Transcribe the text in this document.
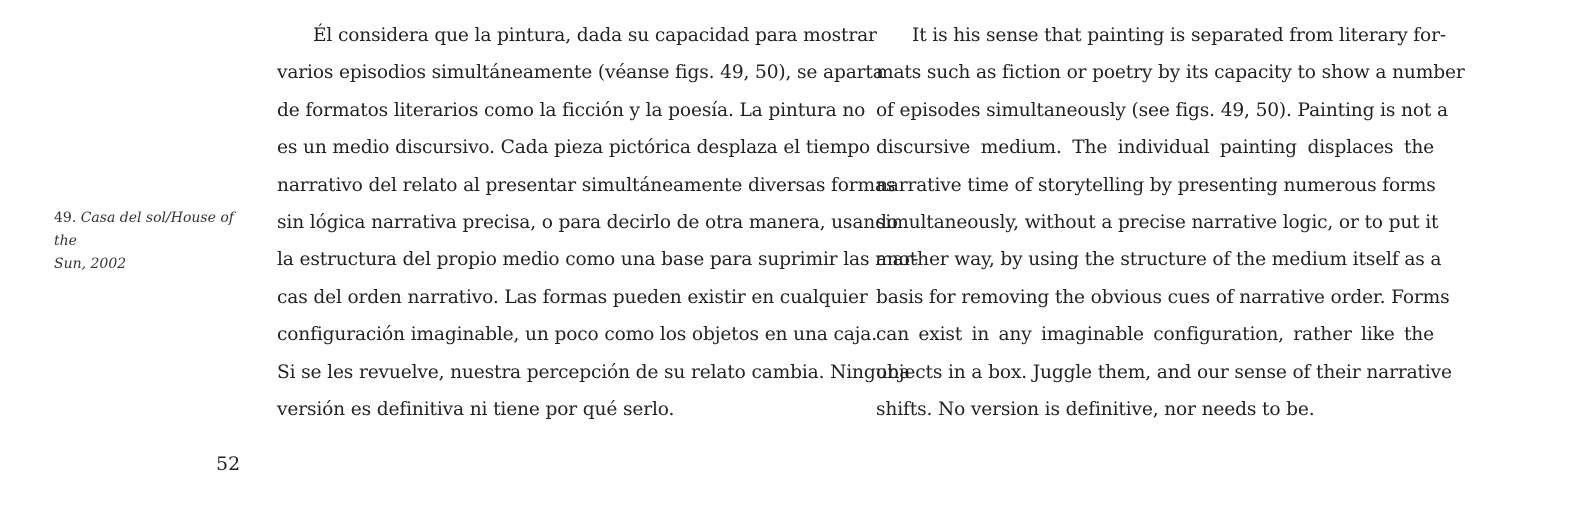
49. Casa del sol/House of the
Sun, 2002
Él considera que la pintura, dada su capacidad para mostrar
varios episodios simultáneamente (véanse figs. 49, 50), se aparta
de formatos literarios como la ficción y la poesía. La pintura no
es un medio discursivo. Cada pieza pictórica desplaza el tiempo
narrativo del relato al presentar simultáneamente diversas formas
sin lógica narrativa precisa, o para decirlo de otra manera, usando
la estructura del propio medio como una base para suprimir las mar-
cas del orden narrativo. Las formas pueden existir en cualquier
configuración imaginable, un poco como los objetos en una caja.
Si se les revuelve, nuestra percepción de su relato cambia. Ninguna
versión es definitiva ni tiene por qué serlo.
It is his sense that painting is separated from literary for-
mats such as fiction or poetry by its capacity to show a number
of episodes simultaneously (see figs. 49, 50). Painting is not a
discursive medium. The individual painting displaces the
narrative time of storytelling by presenting numerous forms
simultaneously, without a precise narrative logic, or to put it
another way, by using the structure of the medium itself as a
basis for removing the obvious cues of narrative order. Forms
can exist in any imaginable configuration, rather like the
objects in a box. Juggle them, and our sense of their narrative
shifts. No version is definitive, nor needs to be.
52
